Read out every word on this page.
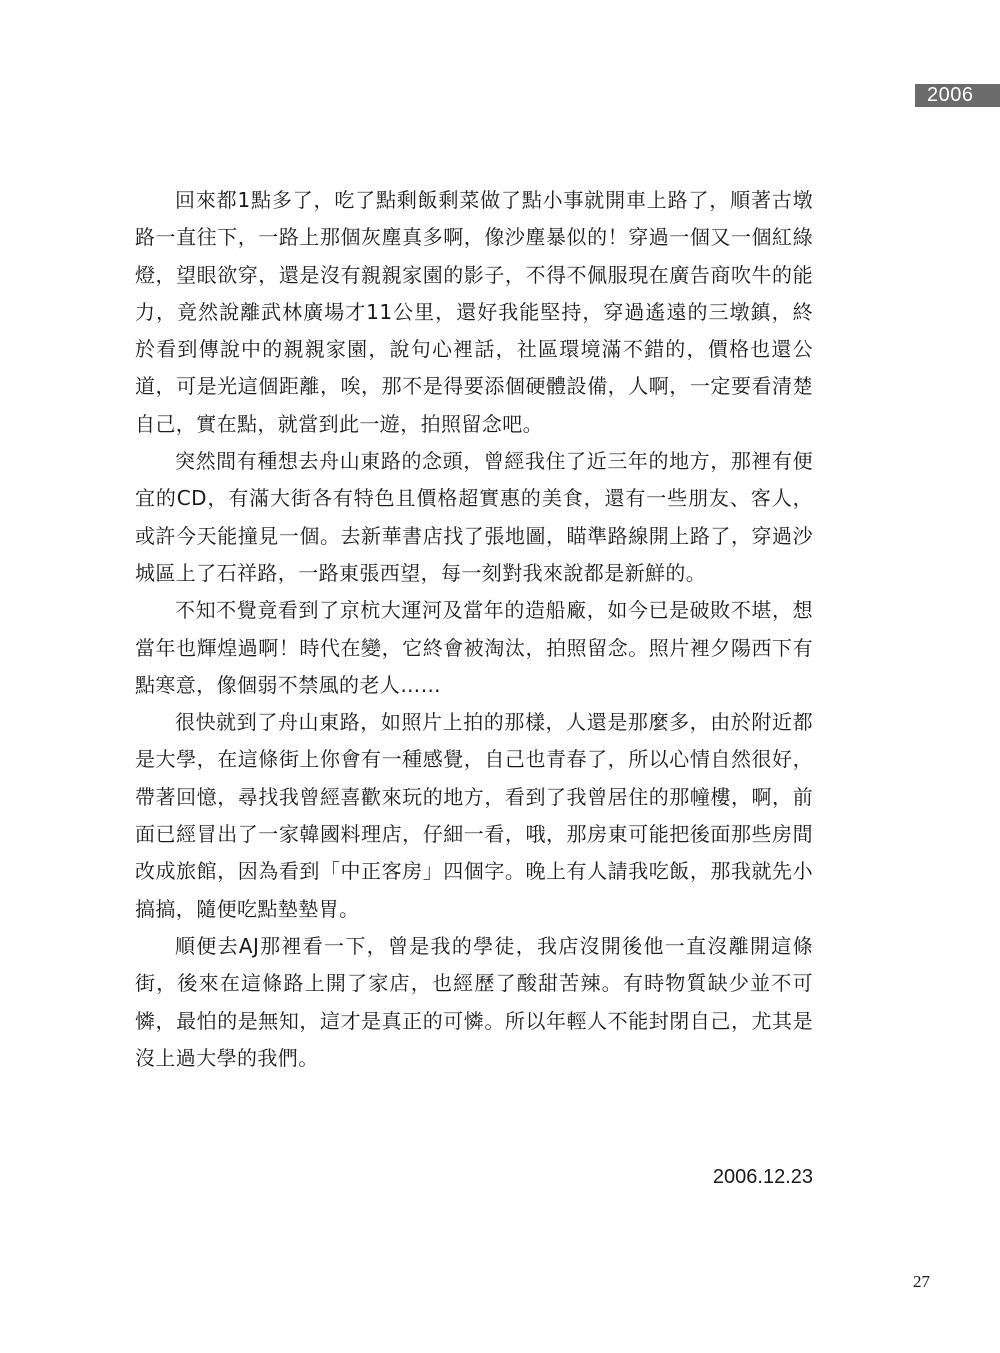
2006

回來都1點多了，吃了點剩飯剩菜做了點小事就開車上路了，順著古墩路一直往下，一路上那個灰塵真多啊，像沙塵暴似的！穿過一個又一個紅綠燈，望眼欲穿，還是沒有親親家園的影子，不得不佩服現在廣告商吹牛的能力，竟然說離武林廣場才11公里，還好我能堅持，穿過遙遠的三墩鎮，終於看到傳說中的親親家園，說句心裡話，社區環境滿不錯的，價格也還公道，可是光這個距離，唉，那不是得要添個硬體設備，人啊，一定要看清楚自己，實在點，就當到此一遊，拍照留念吧。

突然間有種想去舟山東路的念頭，曾經我住了近三年的地方，那裡有便宜的CD，有滿大街各有特色且價格超實惠的美食，還有一些朋友、客人，或許今天能撞見一個。去新華書店找了張地圖，瞄準路線開上路了，穿過沙城區上了石祥路，一路東張西望，每一刻對我來說都是新鮮的。

不知不覺竟看到了京杭大運河及當年的造船廠，如今已是破敗不堪，想當年也輝煌過啊！時代在變，它終會被淘汰，拍照留念。照片裡夕陽西下有點寒意，像個弱不禁風的老人……

很快就到了舟山東路，如照片上拍的那樣，人還是那麼多，由於附近都是大學，在這條街上你會有一種感覺，自己也青春了，所以心情自然很好，帶著回憶，尋找我曾經喜歡來玩的地方，看到了我曾居住的那幢樓，啊，前面已經冒出了一家韓國料理店，仔細一看，哦，那房東可能把後面那些房間改成旅館，因為看到「中正客房」四個字。晚上有人請我吃飯，那我就先小搞搞，隨便吃點墊墊胃。

順便去AJ那裡看一下，曾是我的學徒，我店沒開後他一直沒離開這條街，後來在這條路上開了家店，也經歷了酸甜苦辣。有時物質缺少並不可憐，最怕的是無知，這才是真正的可憐。所以年輕人不能封閉自己，尤其是沒上過大學的我們。

2006.12.23
27
